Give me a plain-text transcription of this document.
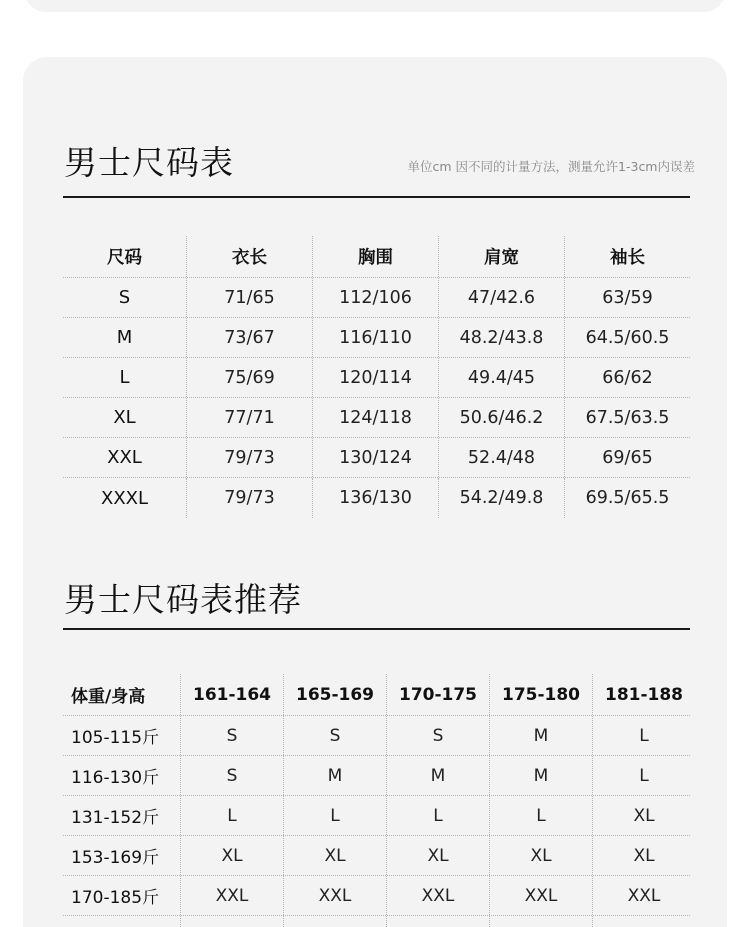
男士尺码表	单位cm 因不同的计量方法，测量允许1-3cm内误差
尺码	衣长	胸围	肩宽	袖长
S	71/65	112/106	47/42.6	63/59
M	73/67	116/110	48.2/43.8	64.5/60.5
L	75/69	120/114	49.4/45	66/62
XL	77/71	124/118	50.6/46.2	67.5/63.5
XXL	79/73	130/124	52.4/48	69/65
XXXL	79/73	136/130	54.2/49.8	69.5/65.5
男士尺码表推荐
体重/身高	161-164	165-169	170-175	175-180	181-188
105-115斤	S	S	S	M	L
116-130斤	S	M	M	M	L
131-152斤	L	L	L	L	XL
153-169斤	XL	XL	XL	XL	XL
170-185斤	XXL	XXL	XXL	XXL	XXL
